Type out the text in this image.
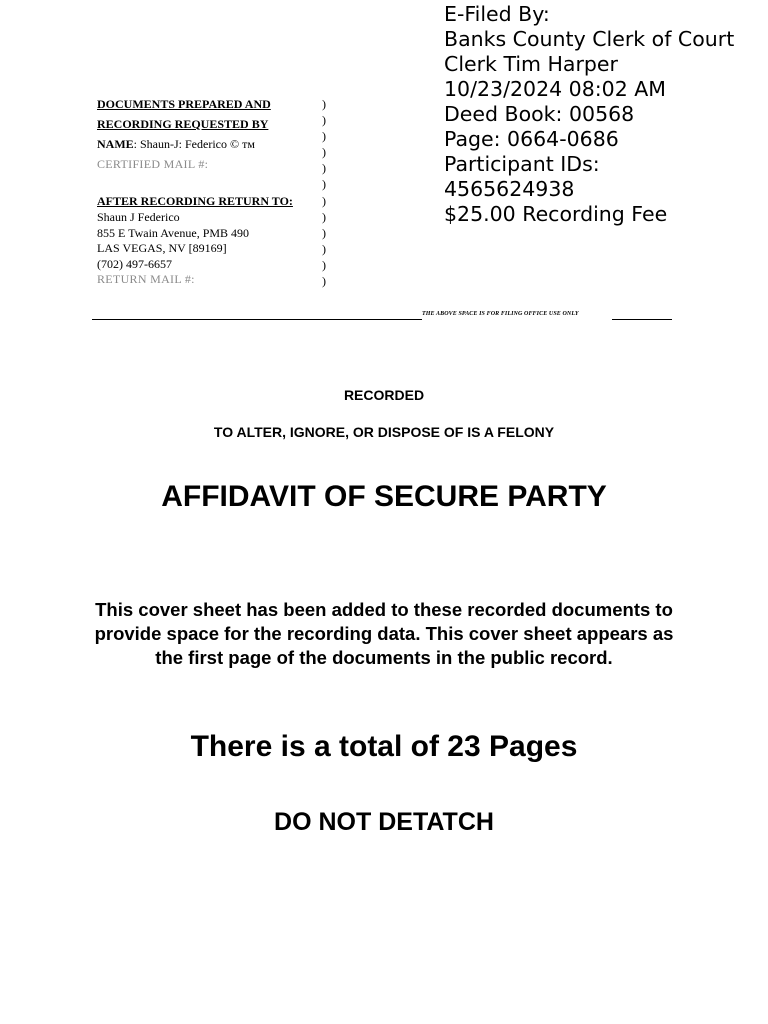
E-Filed By:
Banks County Clerk of Court
Clerk Tim Harper
10/23/2024 08:02 AM
Deed Book: 00568
Page: 0664-0686
Participant IDs:
4565624938
$25.00 Recording Fee
DOCUMENTS PREPARED AND
RECORDING REQUESTED BY
NAME: Shaun-J: Federico © ᴛᴍ
CERTIFIED MAIL #:
AFTER RECORDING RETURN TO:
Shaun J Federico
855 E Twain Avenue, PMB 490
LAS VEGAS, NV [89169]
(702) 497-6657
RETURN MAIL #:
)
)
)
)
)
)
)
)
)
)
)
)
THE ABOVE SPACE IS FOR FILING OFFICE USE ONLY
RECORDED
TO ALTER, IGNORE, OR DISPOSE OF IS A FELONY
AFFIDAVIT OF SECURE PARTY
This cover sheet has been added to these recorded documents to provide space for the recording data. This cover sheet appears as the first page of the documents in the public record.
There is a total of 23 Pages
DO NOT DETATCH
